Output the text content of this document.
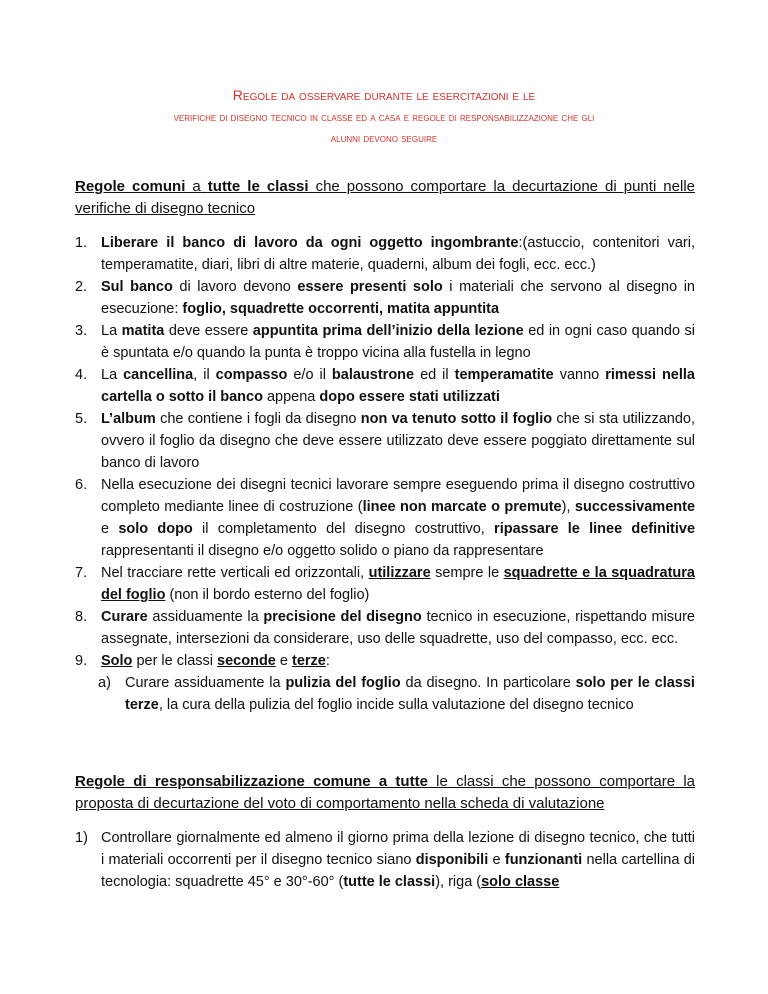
Regole da osservare durante le esercitazioni e le
verifiche di disegno tecnico in classe ed a casa e regole di responsabilizzazione che gli
alunni devono seguire
Regole comuni a tutte le classi che possono comportare la decurtazione di punti nelle verifiche di disegno tecnico
1. Liberare il banco di lavoro da ogni oggetto ingombrante:(astuccio, contenitori vari, temperamatite, diari, libri di altre materie, quaderni, album dei fogli, ecc. ecc.)
2. Sul banco di lavoro devono essere presenti solo i materiali che servono al disegno in esecuzione: foglio, squadrette occorrenti, matita appuntita
3. La matita deve essere appuntita prima dell’inizio della lezione ed in ogni caso quando si è spuntata e/o quando la punta è troppo vicina alla fustella in legno
4. La cancellina, il compasso e/o il balaustrone ed il temperamatite vanno rimessi nella cartella o sotto il banco appena dopo essere stati utilizzati
5. L’album che contiene i fogli da disegno non va tenuto sotto il foglio che si sta utilizzando, ovvero il foglio da disegno che deve essere utilizzato deve essere poggiato direttamente sul banco di lavoro
6. Nella esecuzione dei disegni tecnici lavorare sempre eseguendo prima il disegno costruttivo completo mediante linee di costruzione (linee non marcate o premute), successivamente e solo dopo il completamento del disegno costruttivo, ripassare le linee definitive rappresentanti il disegno e/o oggetto solido o piano da rappresentare
7. Nel tracciare rette verticali ed orizzontali, utilizzare sempre le squadrette e la squadratura del foglio (non il bordo esterno del foglio)
8. Curare assiduamente la precisione del disegno tecnico in esecuzione, rispettando misure assegnate, intersezioni da considerare, uso delle squadrette, uso del compasso, ecc. ecc.
9. Solo per le classi seconde e terze:
a) Curare assiduamente la pulizia del foglio da disegno. In particolare solo per le classi terze, la cura della pulizia del foglio incide sulla valutazione del disegno tecnico
Regole di responsabilizzazione comune a tutte le classi che possono comportare la proposta di decurtazione del voto di comportamento nella scheda di valutazione
1) Controllare giornalmente ed almeno il giorno prima della lezione di disegno tecnico, che tutti i materiali occorrenti per il disegno tecnico siano disponibili e funzionanti nella cartellina di tecnologia: squadrette 45° e 30°-60° (tutte le classi), riga (solo classe
